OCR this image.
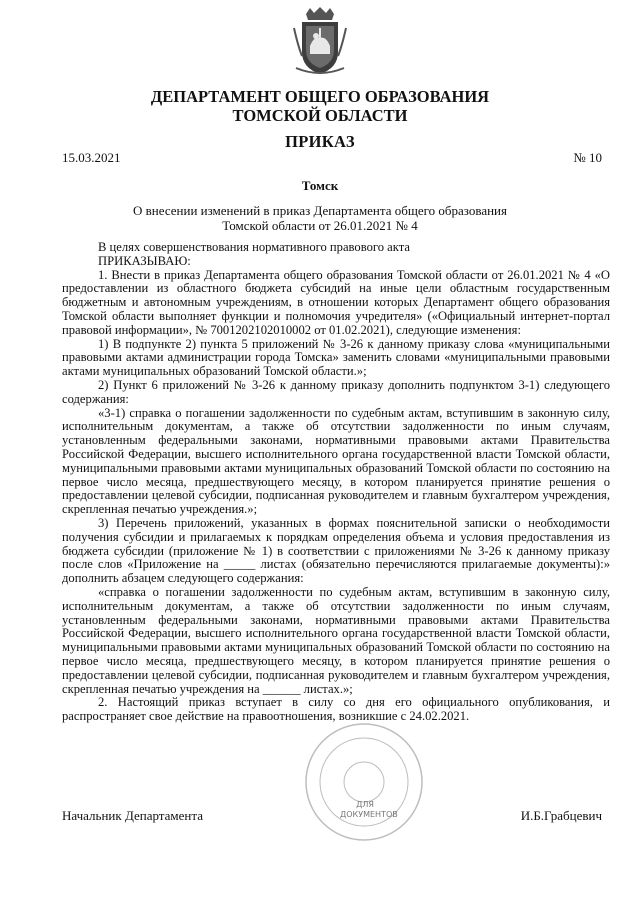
ДЕПАРТАМЕНТ ОБЩЕГО ОБРАЗОВАНИЯ
ТОМСКОЙ ОБЛАСТИ
ПРИКАЗ
15.03.2021	№ 10
Томск
О внесении изменений в приказ Департамента общего образования
Томской области от 26.01.2021 № 4

В целях совершенствования нормативного правового акта

ПРИКАЗЫВАЮ:

1. Внести в приказ Департамента общего образования Томской области от 26.01.2021 № 4 «О предоставлении из областного бюджета субсидий на иные цели областным государственным бюджетным и автономным учреждениям, в отношении которых Департамент общего образования Томской области выполняет функции и полномочия учредителя» («Официальный интернет-портал правовой информации», № 7001202102010002 от 01.02.2021), следующие изменения:

1) В подпункте 2) пункта 5 приложений № 3-26 к данному приказу слова «муниципальными правовыми актами администрации города Томска» заменить словами «муниципальными правовыми актами муниципальных образований Томской области.»;

2) Пункт 6 приложений № 3-26 к данному приказу дополнить подпунктом 3-1) следующего содержания:

«3-1) справка о погашении задолженности по судебным актам, вступившим в законную силу, исполнительным документам, а также об отсутствии задолженности по иным случаям, установленным федеральными законами, нормативными правовыми актами Правительства Российской Федерации, высшего исполнительного органа государственной власти Томской области, муниципальными правовыми актами муниципальных образований Томской области по состоянию на первое число месяца, предшествующего месяцу, в котором планируется принятие решения о предоставлении целевой субсидии, подписанная руководителем и главным бухгалтером учреждения, скрепленная печатью учреждения.»;

3) Перечень приложений, указанных в формах пояснительной записки о необходимости получения субсидии и прилагаемых к порядкам определения объема и условия предоставления из бюджета субсидии (приложение № 1) в соответствии с приложениями № 3-26 к данному приказу после слов «Приложение на _____ листах (обязательно перечисляются прилагаемые документы):» дополнить абзацем следующего содержания:

«справка о погашении задолженности по судебным актам, вступившим в законную силу, исполнительным документам, а также об отсутствии задолженности по иным случаям, установленным федеральными законами, нормативными правовыми актами Правительства Российской Федерации, высшего исполнительного органа государственной власти Томской области, муниципальными правовыми актами муниципальных образований Томской области по состоянию на первое число месяца, предшествующего месяцу, в котором планируется принятие решения о предоставлении целевой субсидии, подписанная руководителем и главным бухгалтером учреждения, скрепленная печатью учреждения на ______ листах.»;

2. Настоящий приказ вступает в силу со дня его официального опубликования, и распространяет свое действие на правоотношения, возникшие с 24.02.2021.

ДЛЯ
ДОКУМЕНТОВ
Начальник Департамента	И.Б.Грабцевич
